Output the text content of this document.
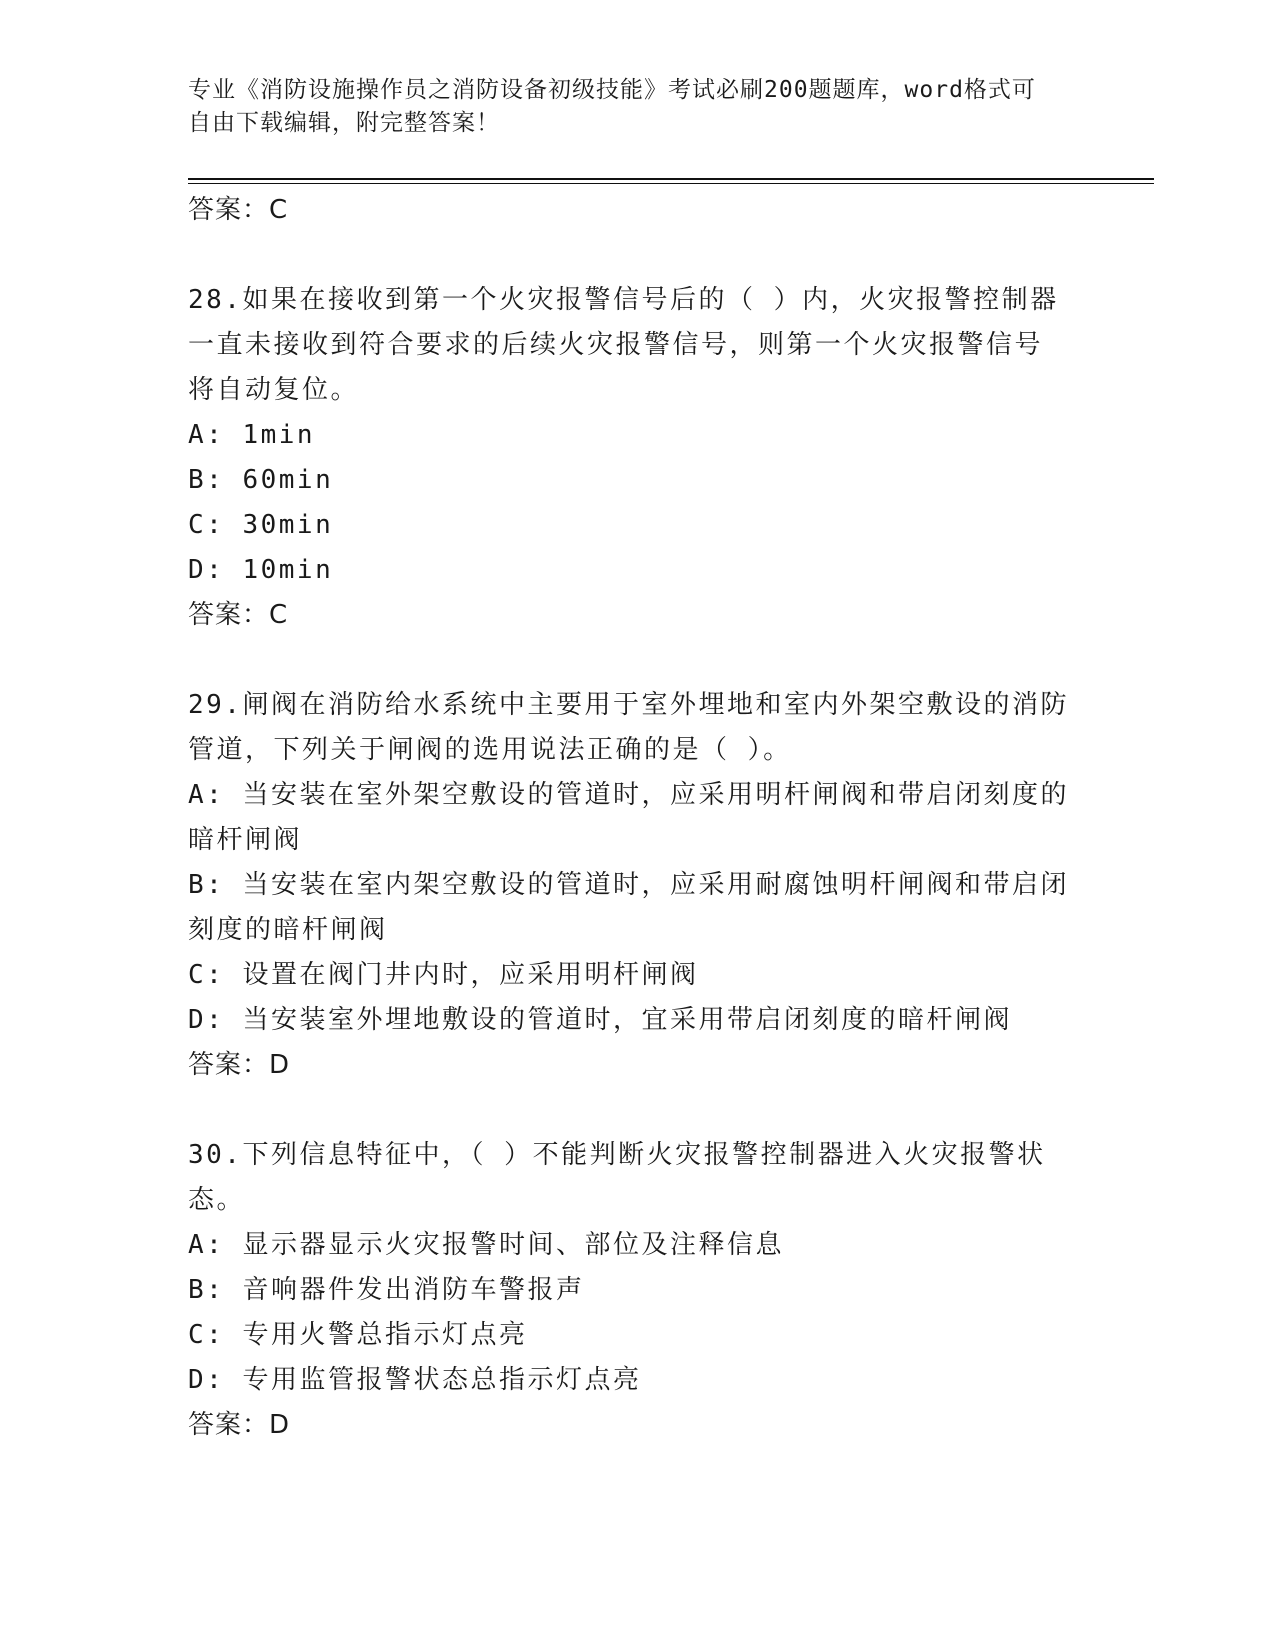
专业《消防设施操作员之消防设备初级技能》考试必刷200题题库，word格式可
自由下载编辑，附完整答案！
答案：C
28.如果在接收到第一个火灾报警信号后的（ ）内，火灾报警控制器
一直未接收到符合要求的后续火灾报警信号，则第一个火灾报警信号
将自动复位。
A: 1min
B: 60min
C: 30min
D: 10min
答案：C
29.闸阀在消防给水系统中主要用于室外埋地和室内外架空敷设的消防
管道，下列关于闸阀的选用说法正确的是（ ）。
A: 当安装在室外架空敷设的管道时，应采用明杆闸阀和带启闭刻度的
暗杆闸阀
B: 当安装在室内架空敷设的管道时，应采用耐腐蚀明杆闸阀和带启闭
刻度的暗杆闸阀
C: 设置在阀门井内时，应采用明杆闸阀
D: 当安装室外埋地敷设的管道时，宜采用带启闭刻度的暗杆闸阀
答案：D
30.下列信息特征中，（ ）不能判断火灾报警控制器进入火灾报警状
态。
A: 显示器显示火灾报警时间、部位及注释信息
B: 音响器件发出消防车警报声
C: 专用火警总指示灯点亮
D: 专用监管报警状态总指示灯点亮
答案：D
